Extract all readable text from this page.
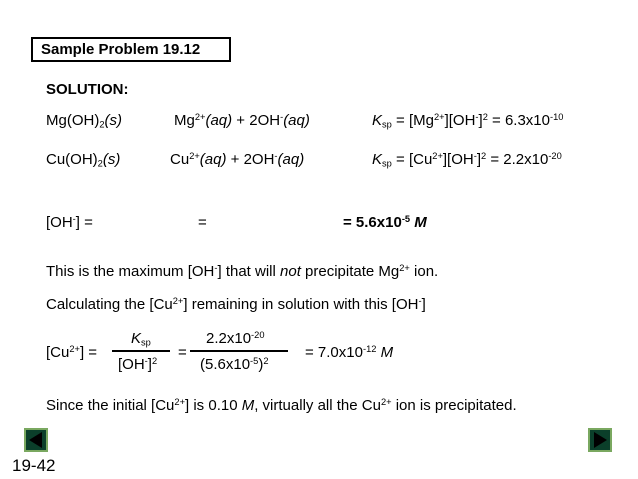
Sample Problem 19.12
SOLUTION:
$Mg(OH)_2(s)$	$Mg^{2+}(aq) + 2OH^-(aq)$	$K_{sp} = [Mg^{2+}][OH^-]^2 = 6.3x10^{-10}$
$Cu(OH)_2(s)$	$Cu^{2+}(aq) + 2OH^-(aq)$	$K_{sp} = [Cu^{2+}][OH^-]^2 = 2.2x10^{-20}$
[OH-] =	=	= $5.6x10^{-5}$ M
This is the maximum [OH-] that will not precipitate $Mg^{2+}$ ion.
Calculating the $[Cu^{2+}]$ remaining in solution with this [OH-]
$[Cu^{2+}]$ =
$K_{sp}$
$[OH^-]^2$ =
$2.2x10^{-20}$
$(5.6x10^{-5})^2 = 7.0x10^{-12}$ M
Since the initial $[Cu^{2+}]$ is 0.10 M, virtually all the $Cu^{2+}$ ion is precipitated.
19-42
